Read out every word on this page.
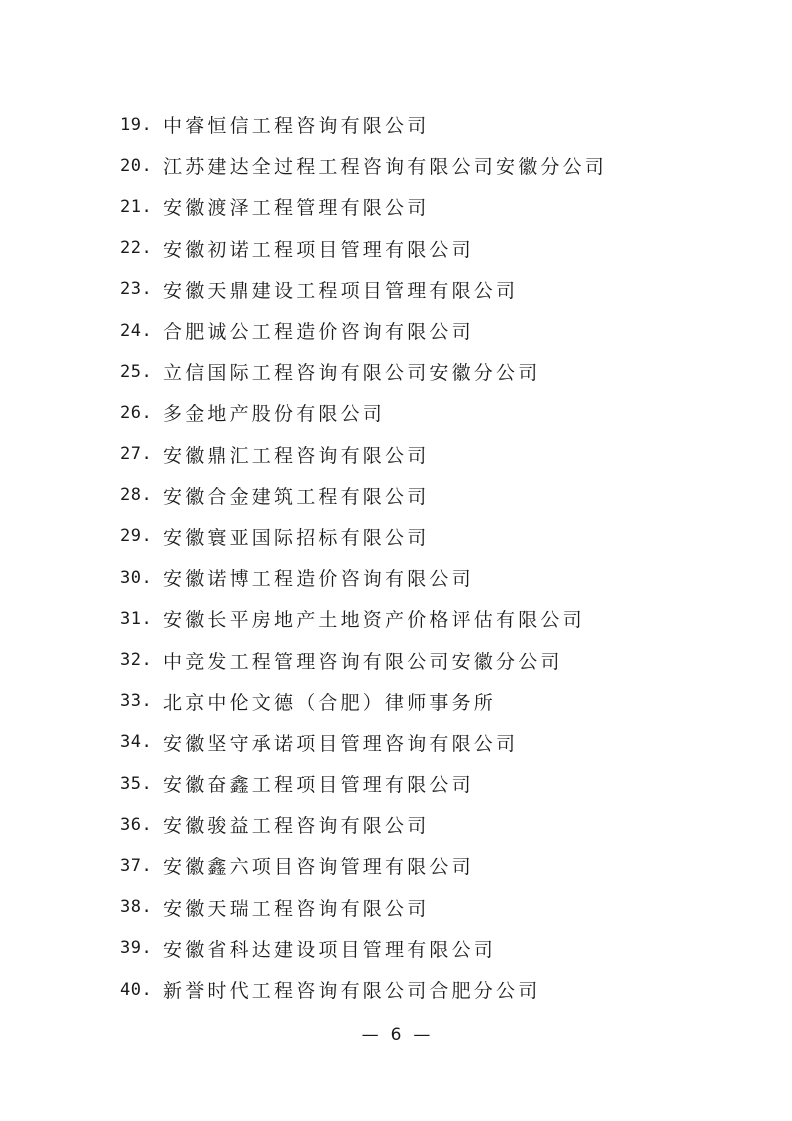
19. 中睿恒信工程咨询有限公司
20. 江苏建达全过程工程咨询有限公司安徽分公司
21. 安徽渡泽工程管理有限公司
22. 安徽初诺工程项目管理有限公司
23. 安徽天鼎建设工程项目管理有限公司
24. 合肥诚公工程造价咨询有限公司
25. 立信国际工程咨询有限公司安徽分公司
26. 多金地产股份有限公司
27. 安徽鼎汇工程咨询有限公司
28. 安徽合金建筑工程有限公司
29. 安徽寰亚国际招标有限公司
30. 安徽诺博工程造价咨询有限公司
31. 安徽长平房地产土地资产价格评估有限公司
32. 中竞发工程管理咨询有限公司安徽分公司
33. 北京中伦文德（合肥）律师事务所
34. 安徽坚守承诺项目管理咨询有限公司
35. 安徽奋鑫工程项目管理有限公司
36. 安徽骏益工程咨询有限公司
37. 安徽鑫六项目咨询管理有限公司
38. 安徽天瑞工程咨询有限公司
39. 安徽省科达建设项目管理有限公司
40. 新誉时代工程咨询有限公司合肥分公司
— 6 —
